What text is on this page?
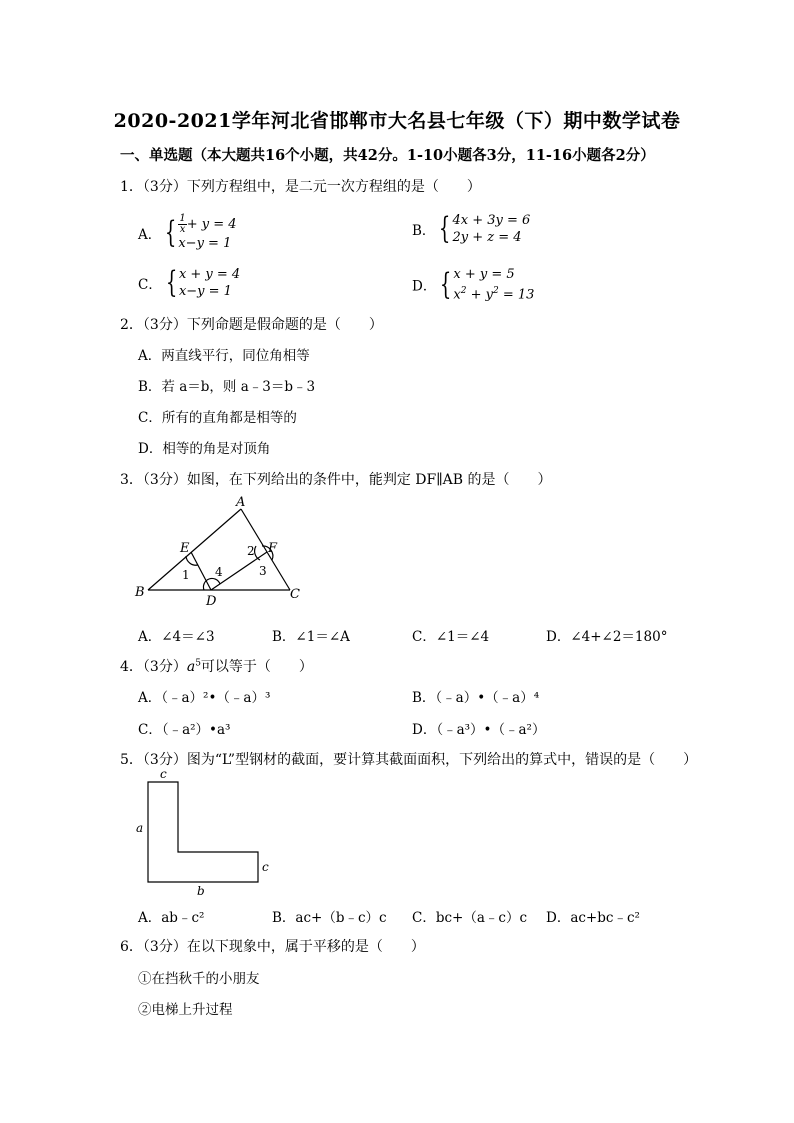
2020-2021学年河北省邯郸市大名县七年级（下）期中数学试卷
一、单选题（本大题共16个小题，共42分。1-10小题各3分，11-16小题各2分）
1．（3分）下列方程组中，是二元一次方程组的是（　　）
A． { $\frac{1}{x} + y = 4$
x−y = 1
B． { 4x + 3y = 6
2y + z = 4
C． { x + y = 4
x−y = 1	D． { x + y = 5
$x^2 + y^2 = 13$
2．（3分）下列命题是假命题的是（　　）
A．两直线平行，同位角相等
B．若 a＝b，则 a﹣3＝b﹣3
C．所有的直角都是相等的
D．相等的角是对顶角
3．（3分）如图，在下列给出的条件中，能判定 DF∥AB 的是（　　）
A
B	C
D
E	F
1
2
3
4
A．∠4＝∠3	B．∠1＝∠A	C．∠1＝∠4	D．∠4+∠2＝180°
4．（3分）$a^5$可以等于（　　）
A．（﹣a）²•（﹣a）³	B．（﹣a）•（﹣a）⁴
C．（﹣a²）•a³	D．（﹣a³）•（﹣a²）
5．（3分）图为“L”型钢材的截面，要计算其截面面积，下列给出的算式中，错误的是（　　）
c
a
c
b
A．ab﹣c²	B．ac+（b﹣c）c C．bc+（a﹣c）c D．ac+bc﹣c²
6．（3分）在以下现象中，属于平移的是（　　）
①在挡秋千的小朋友
②电梯上升过程
